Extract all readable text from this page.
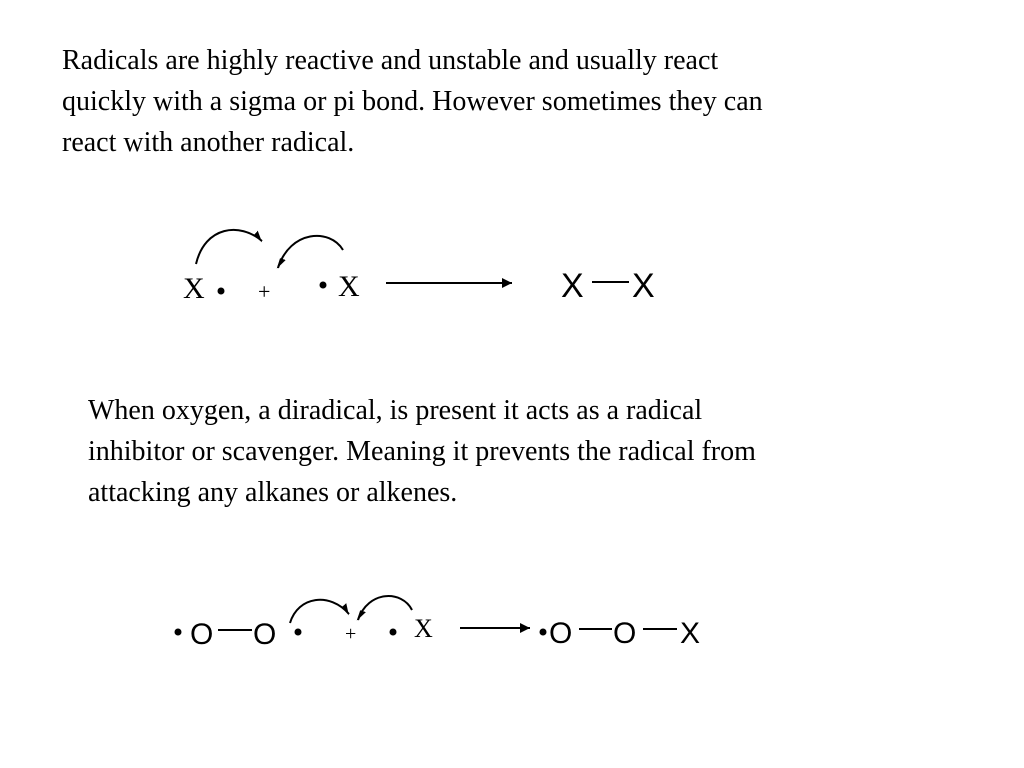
Radicals are highly reactive and unstable and usually react
quickly with a sigma or pi bond. However sometimes they can
react with another radical.

When oxygen, a diradical, is present it acts as a radical
inhibitor or scavenger. Meaning it prevents the radical from
attacking any alkanes or alkenes.

X + X	X X
O O	+ X	O O X
